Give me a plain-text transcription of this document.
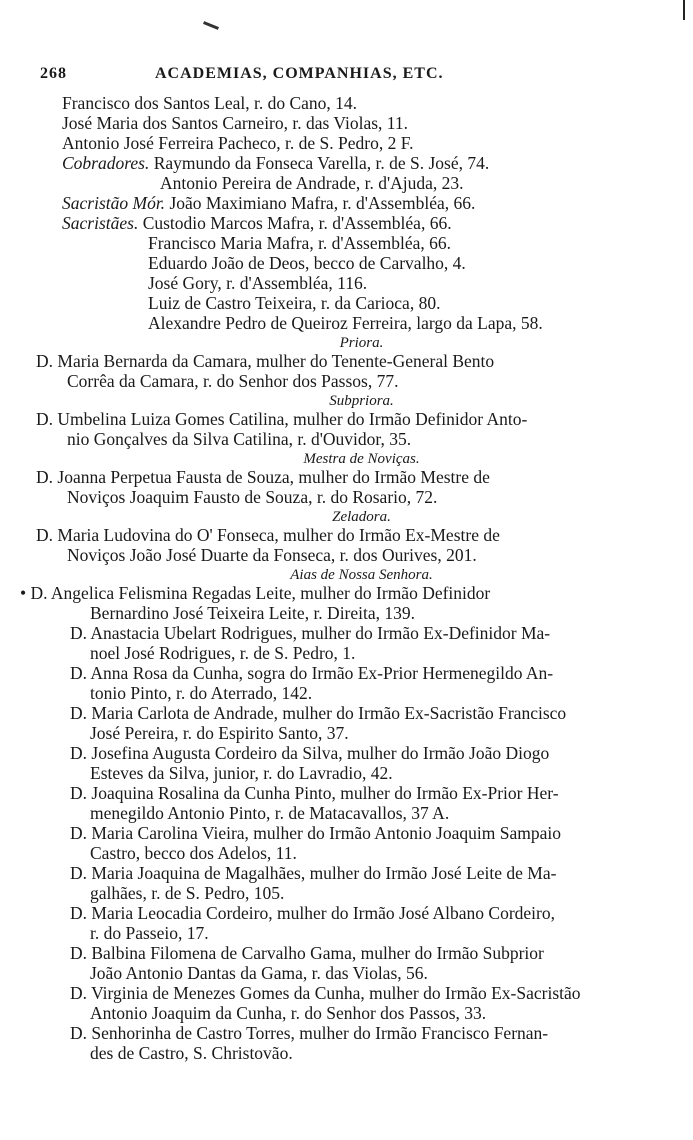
268	ACADEMIAS, COMPANHIAS, ETC.
Francisco dos Santos Leal, r. do Cano, 14.
José Maria dos Santos Carneiro, r. das Violas, 11.
Antonio José Ferreira Pacheco, r. de S. Pedro, 2 F.
Cobradores. Raymundo da Fonseca Varella, r. de S. José, 74.
Antonio Pereira de Andrade, r. d'Ajuda, 23.
Sacristão Mór. João Maximiano Mafra, r. d'Assembléa, 66.
Sacristães. Custodio Marcos Mafra, r. d'Assembléa, 66.
Francisco Maria Mafra, r. d'Assembléa, 66.
Eduardo João de Deos, becco de Carvalho, 4.
José Gory, r. d'Assembléa, 116.
Luiz de Castro Teixeira, r. da Carioca, 80.
Alexandre Pedro de Queiroz Ferreira, largo da Lapa, 58.
Priora.
D. Maria Bernarda da Camara, mulher do Tenente-General Bento
Corrêa da Camara, r. do Senhor dos Passos, 77.
Subpriora.
D. Umbelina Luiza Gomes Catilina, mulher do Irmão Definidor Anto-
nio Gonçalves da Silva Catilina, r. d'Ouvidor, 35.
Mestra de Noviças.
D. Joanna Perpetua Fausta de Souza, mulher do Irmão Mestre de
Noviços Joaquim Fausto de Souza, r. do Rosario, 72.
Zeladora.
D. Maria Ludovina do O' Fonseca, mulher do Irmão Ex-Mestre de
Noviços João José Duarte da Fonseca, r. dos Ourives, 201.
Aias de Nossa Senhora.
• D. Angelica Felismina Regadas Leite, mulher do Irmão Definidor
Bernardino José Teixeira Leite, r. Direita, 139.
D. Anastacia Ubelart Rodrigues, mulher do Irmão Ex-Definidor Ma-
noel José Rodrigues, r. de S. Pedro, 1.
D. Anna Rosa da Cunha, sogra do Irmão Ex-Prior Hermenegildo An-
tonio Pinto, r. do Aterrado, 142.
D. Maria Carlota de Andrade, mulher do Irmão Ex-Sacristão Francisco
José Pereira, r. do Espirito Santo, 37.
D. Josefina Augusta Cordeiro da Silva, mulher do Irmão João Diogo
Esteves da Silva, junior, r. do Lavradio, 42.
D. Joaquina Rosalina da Cunha Pinto, mulher do Irmão Ex-Prior Her-
menegildo Antonio Pinto, r. de Matacavallos, 37 A.
D. Maria Carolina Vieira, mulher do Irmão Antonio Joaquim Sampaio
Castro, becco dos Adelos, 11.
D. Maria Joaquina de Magalhães, mulher do Irmão José Leite de Ma-
galhães, r. de S. Pedro, 105.
D. Maria Leocadia Cordeiro, mulher do Irmão José Albano Cordeiro,
r. do Passeio, 17.
D. Balbina Filomena de Carvalho Gama, mulher do Irmão Subprior
João Antonio Dantas da Gama, r. das Violas, 56.
D. Virginia de Menezes Gomes da Cunha, mulher do Irmão Ex-Sacristão
Antonio Joaquim da Cunha, r. do Senhor dos Passos, 33.
D. Senhorinha de Castro Torres, mulher do Irmão Francisco Fernan-
des de Castro, S. Christovão.
